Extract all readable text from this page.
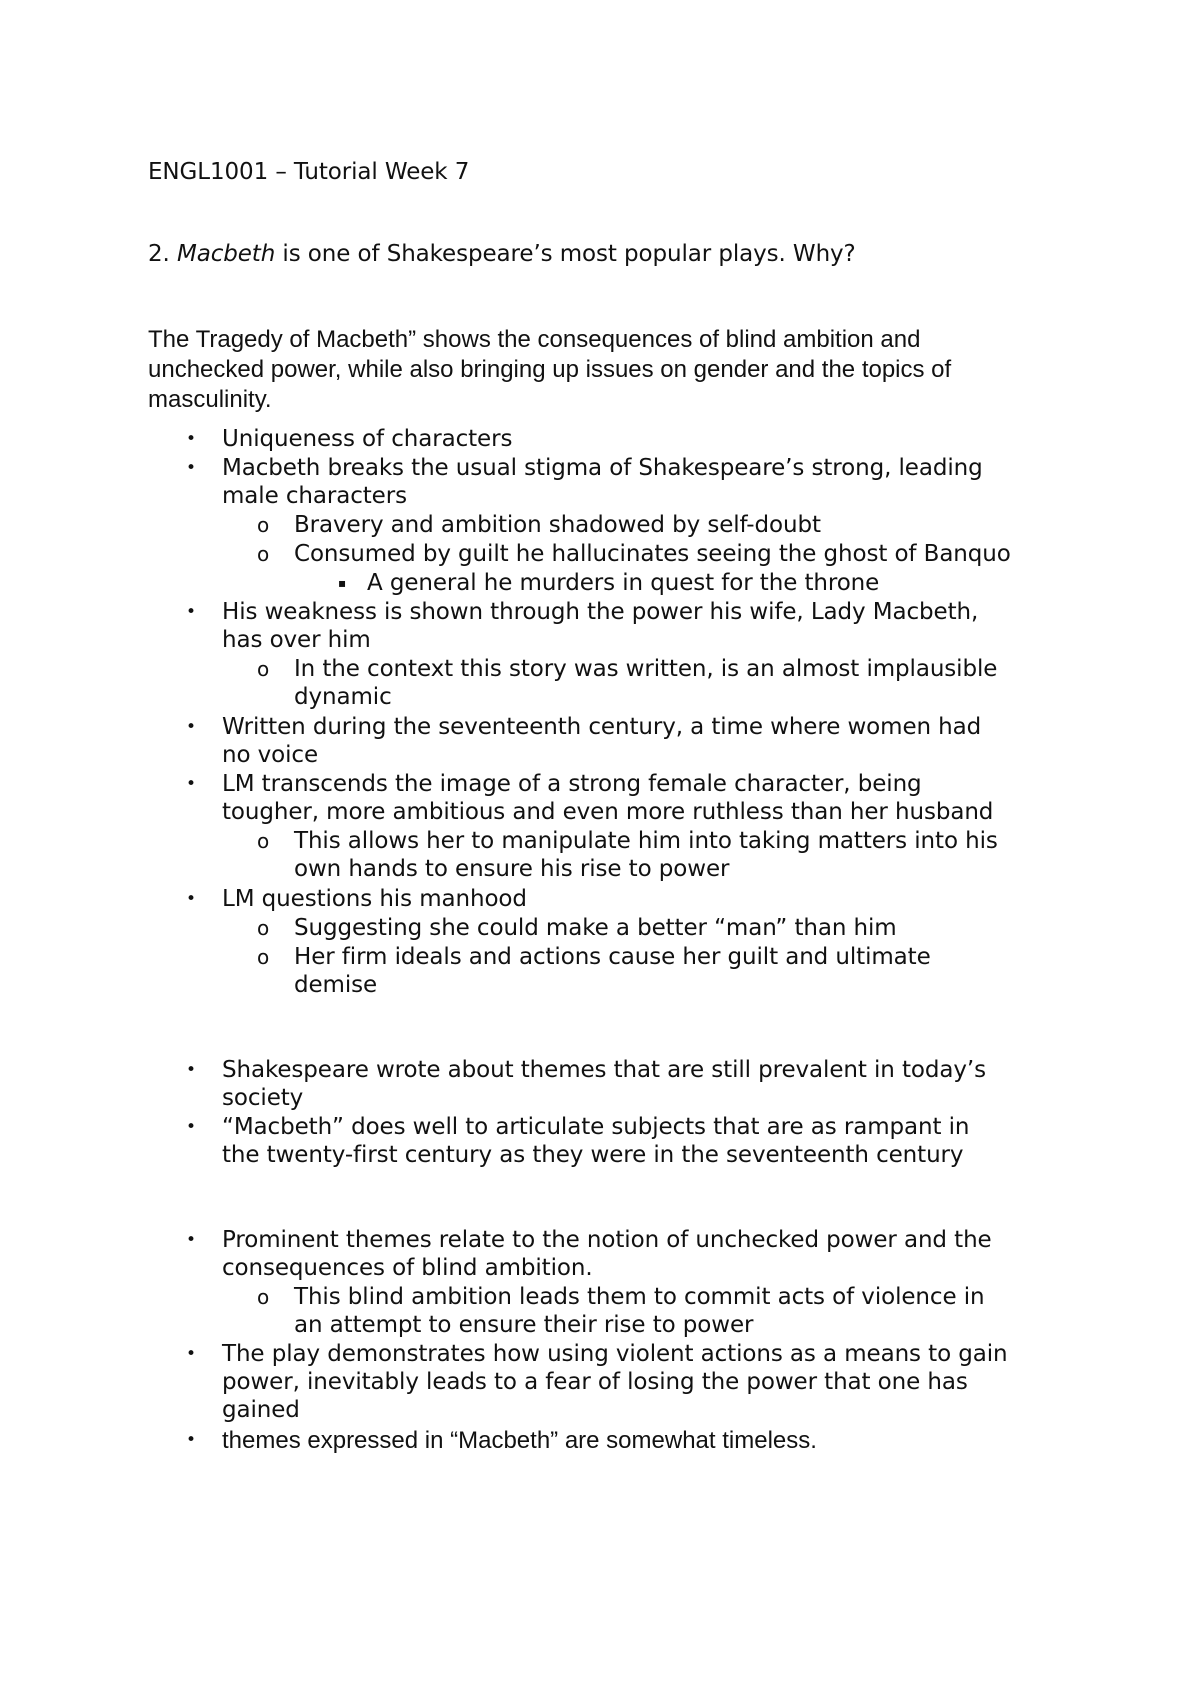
ENGL1001 – Tutorial Week 7
2. Macbeth is one of Shakespeare’s most popular plays. Why?
The Tragedy of Macbeth” shows the consequences of blind ambition and
unchecked power, while also bringing up issues on gender and the topics of
masculinity.
• Uniqueness of characters
• Macbeth breaks the usual stigma of Shakespeare’s strong, leading
male characters
o Bravery and ambition shadowed by self-doubt
o Consumed by guilt he hallucinates seeing the ghost of Banquo
▪ A general he murders in quest for the throne
• His weakness is shown through the power his wife, Lady Macbeth,
has over him
o In the context this story was written, is an almost implausible
dynamic
• Written during the seventeenth century, a time where women had
no voice
• LM transcends the image of a strong female character, being
tougher, more ambitious and even more ruthless than her husband
o This allows her to manipulate him into taking matters into his
own hands to ensure his rise to power
• LM questions his manhood
o Suggesting she could make a better “man” than him
o Her firm ideals and actions cause her guilt and ultimate
demise
• Shakespeare wrote about themes that are still prevalent in today’s
society
• “Macbeth” does well to articulate subjects that are as rampant in
the twenty-first century as they were in the seventeenth century
• Prominent themes relate to the notion of unchecked power and the
consequences of blind ambition.
o This blind ambition leads them to commit acts of violence in
an attempt to ensure their rise to power
• The play demonstrates how using violent actions as a means to gain
power, inevitably leads to a fear of losing the power that one has
gained
• themes expressed in “Macbeth” are somewhat timeless.
